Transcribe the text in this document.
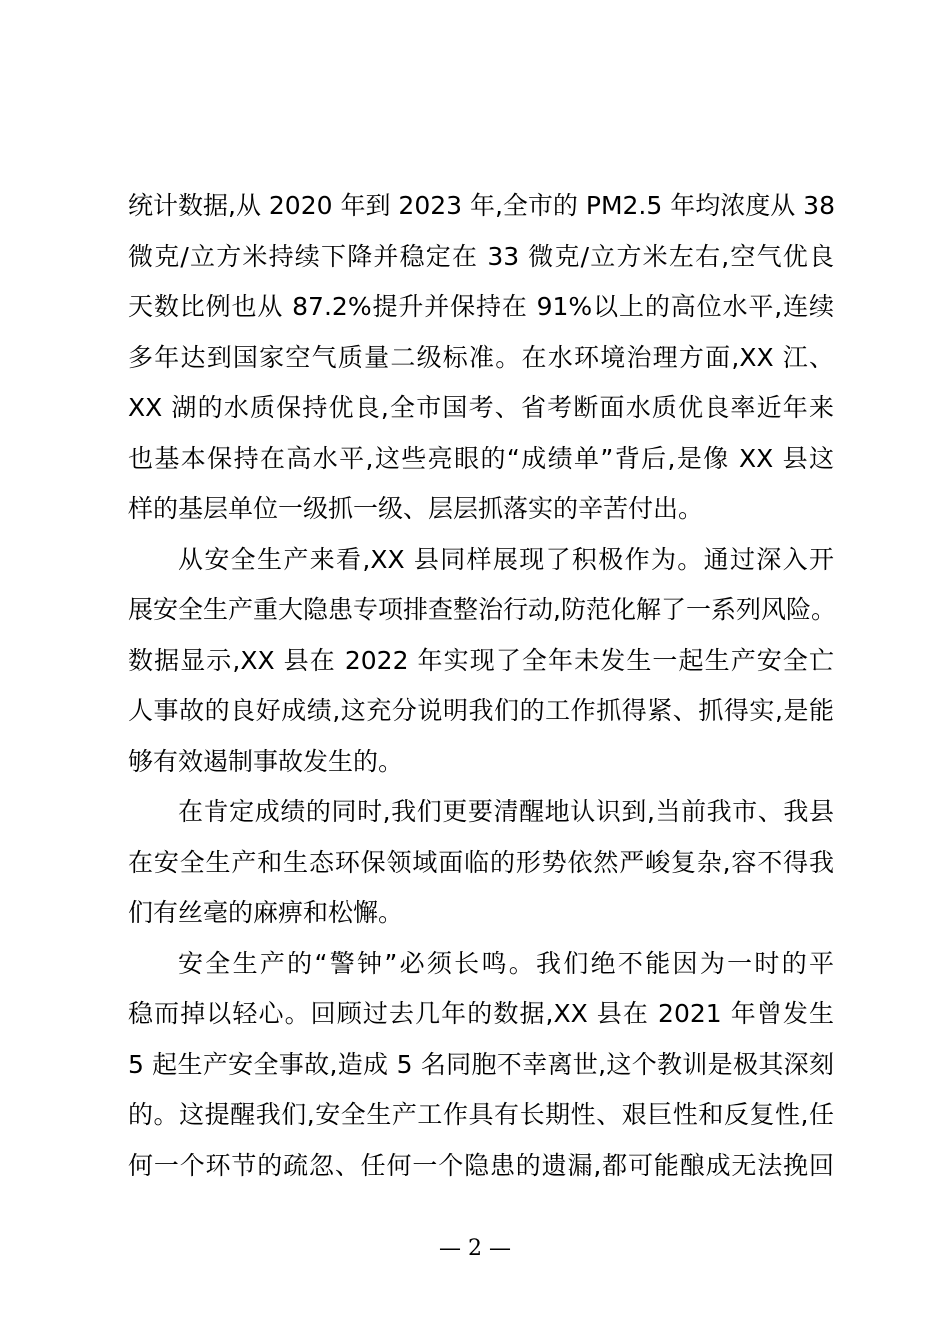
统计数据,从 2020 年到 2023 年,全市的 PM2.5 年均浓度从 38
微克/立方米持续下降并稳定在 33 微克/立方米左右,空气优良
天数比例也从 87.2%提升并保持在 91%以上的高位水平,连续
多年达到国家空气质量二级标准。在水环境治理方面,XX 江、
XX 湖的水质保持优良,全市国考、省考断面水质优良率近年来
也基本保持在高水平,这些亮眼的“成绩单”背后,是像 XX 县这
样的基层单位一级抓一级、层层抓落实的辛苦付出。
从安全生产来看,XX 县同样展现了积极作为。通过深入开
展安全生产重大隐患专项排查整治行动,防范化解了一系列风险。
数据显示,XX 县在 2022 年实现了全年未发生一起生产安全亡
人事故的良好成绩,这充分说明我们的工作抓得紧、抓得实,是能
够有效遏制事故发生的。
在肯定成绩的同时,我们更要清醒地认识到,当前我市、我县
在安全生产和生态环保领域面临的形势依然严峻复杂,容不得我
们有丝毫的麻痹和松懈。
安全生产的“警钟”必须长鸣。我们绝不能因为一时的平
稳而掉以轻心。回顾过去几年的数据,XX 县在 2021 年曾发生
5 起生产安全事故,造成 5 名同胞不幸离世,这个教训是极其深刻
的。这提醒我们,安全生产工作具有长期性、艰巨性和反复性,任
何一个环节的疏忽、任何一个隐患的遗漏,都可能酿成无法挽回
— 2 —
